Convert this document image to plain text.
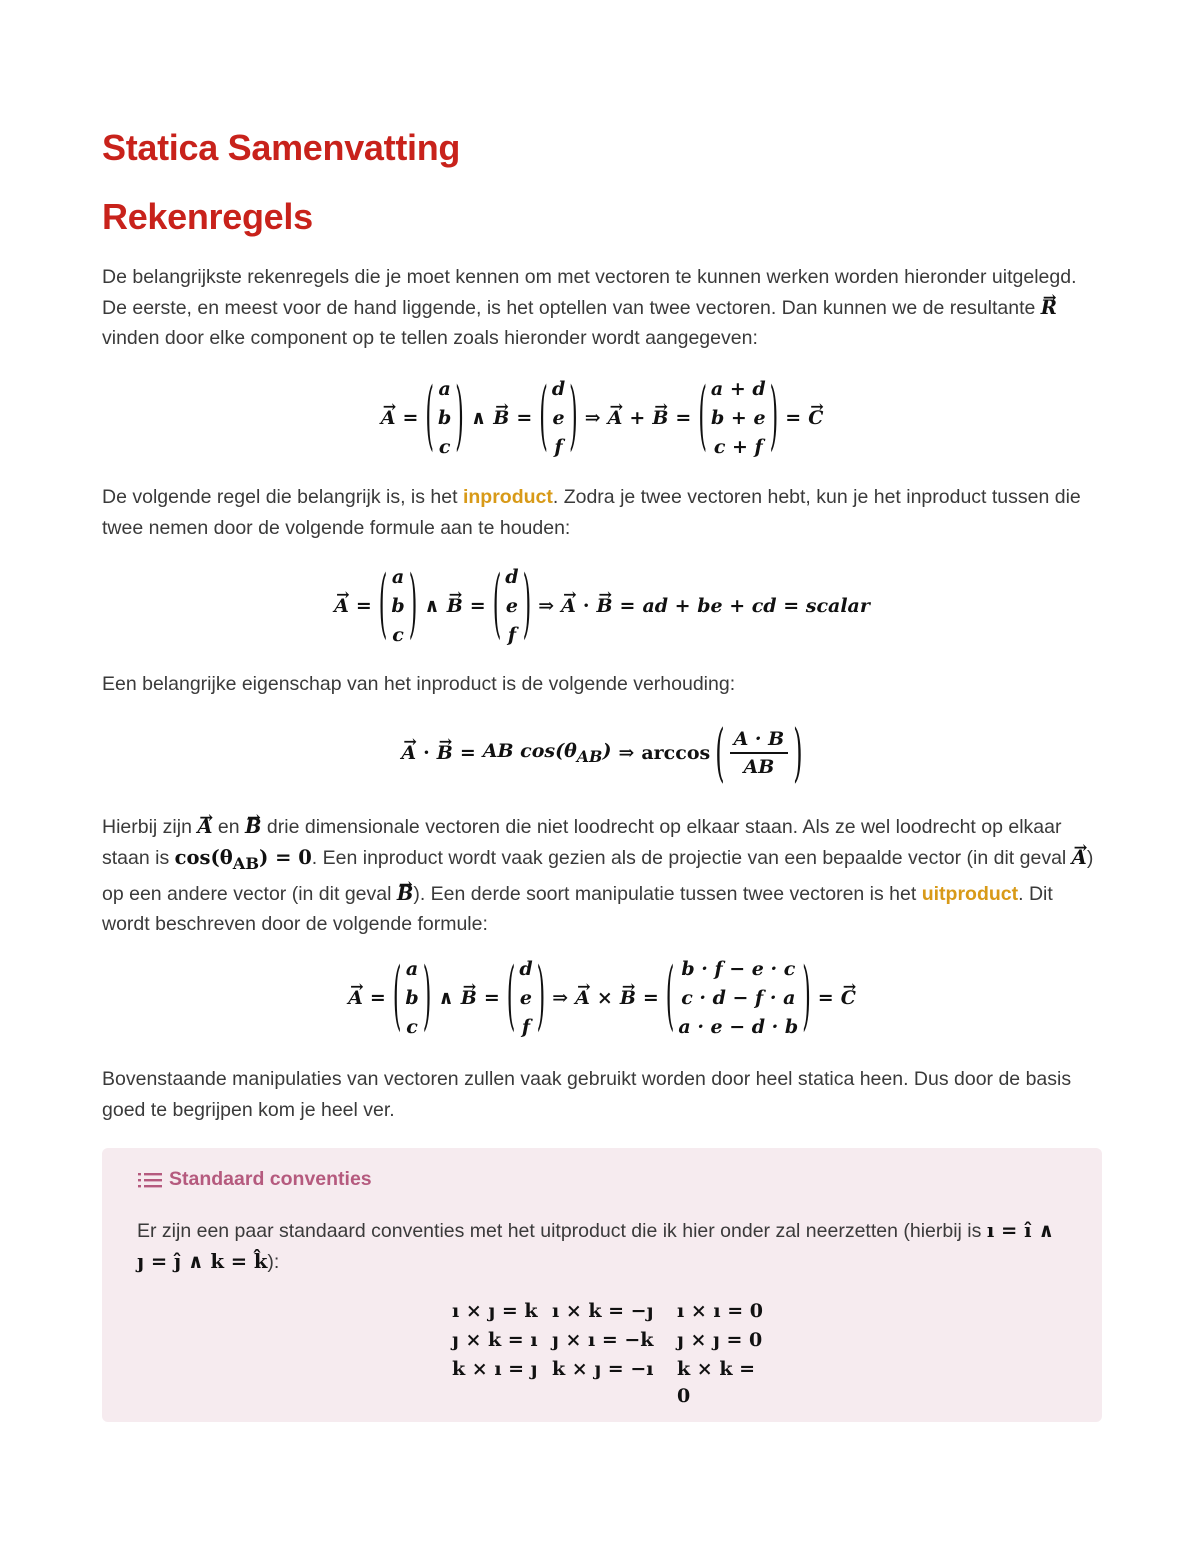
Statica Samenvatting
Rekenregels

De belangrijkste rekenregels die je moet kennen om met vectoren te kunnen werken worden hieronder uitgelegd. De eerste, en meest voor de hand liggende, is het optellen van twee vectoren. Dan kunnen we de resultante → R vinden door elke component op te tellen zoals hieronder wordt aangegeven:

→ A = ( a
b
c ) ∧ → B = ( d
e
f ) ⇒ → A + → B = ( a + d
b + e
c + f ) = → C

De volgende regel die belangrijk is, is het inproduct. Zodra je twee vectoren hebt, kun je het inproduct tussen die twee nemen door de volgende formule aan te houden:

→ A = ( a
b
c ) ∧ → B = ( d
e
f ) ⇒ → A · → B = ad + be + cd = scalar

Een belangrijke eigenschap van het inproduct is de volgende verhouding:

→ A · → B = AB $\cos(\theta_{AB})$ ⇒ arccos ( $\frac{A \cdot B}{AB}$ )

Hierbij zijn → A en → B drie dimensionale vectoren die niet loodrecht op elkaar staan. Als ze wel loodrecht op elkaar staan is $\cos(\theta_{AB}) = 0$. Een inproduct wordt vaak gezien als de projectie van een bepaalde vector (in dit geval → A) op een andere vector (in dit geval → B). Een derde soort manipulatie tussen twee vectoren is het uitproduct. Dit wordt beschreven door de volgende formule:

→ A = ( a
b
c ) ∧ → B = ( d
e
f ) ⇒ → A × → B = ( b · f − e · c
c · d − f · a
a · e − d · b ) = → C

Bovenstaande manipulaties van vectoren zullen vaak gebruikt worden door heel statica heen. Dus door de basis goed te begrijpen kom je heel ver.

Standaard conventies

Er zijn een paar standaard conventies met het uitproduct die ik hier onder zal neerzetten (hierbij is ı = ı̂ ∧ ȷ = ȷ̂ ∧ k = k̂):

ı × ȷ = k ı × k = −ȷ	ı × ı = 0
ȷ × k = ı ȷ × ı = −k	ȷ × ȷ = 0
k × ı = ȷ k × ȷ = −ı	k × k = 0
